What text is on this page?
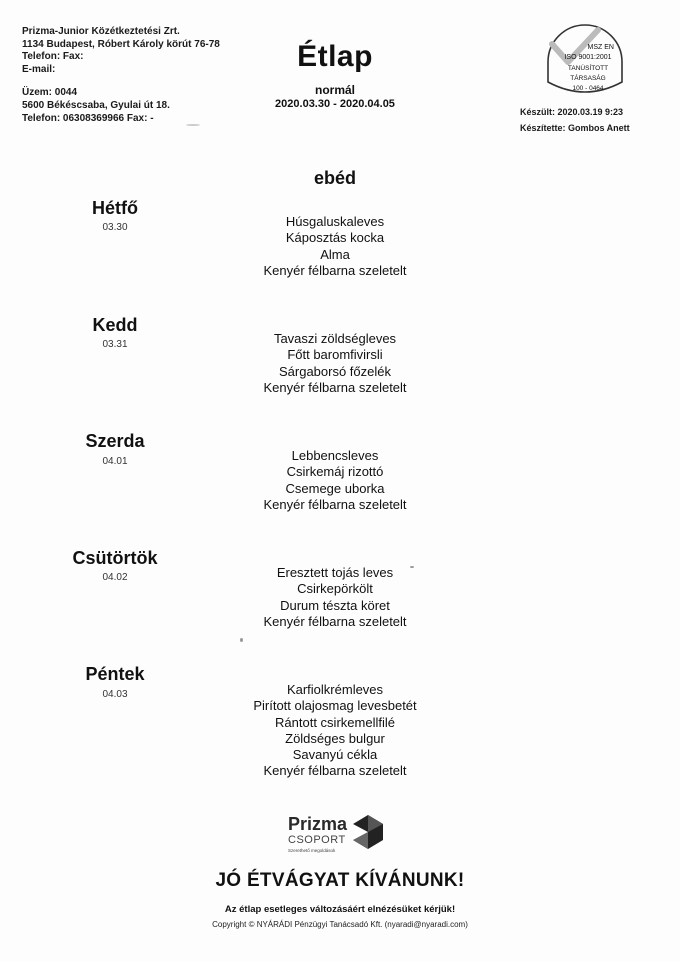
Prizma-Junior Közétkeztetési Zrt.
1134 Budapest, Róbert Károly körút 76-78
Telefon: Fax:
E-mail:
Üzem: 0044
5600 Békéscsaba, Gyulai út 18.
Telefon: 06308369966 Fax: -
Étlap
normál
2020.03.30 - 2020.04.05
MSZ EN
ISO 9001:2001
TANÚSÍTOTT
TÁRSASÁG
100 - 0464
Készült: 2020.03.19 9:23
Készítette: Gombos Anett
ebéd
Hétfő
03.30	Húsgaluskaleves
Káposztás kocka
Alma
Kenyér félbarna szeletelt
Kedd
03.31	Tavaszi zöldségleves
Főtt baromfivirsli
Sárgaborsó főzelék
Kenyér félbarna szeletelt
Szerda
04.01	Lebbencsleves
Csirkemáj rizottó
Csemege uborka
Kenyér félbarna szeletelt
Csütörtök
04.02	Eresztett tojás leves
Csirkepörkölt
Durum tészta köret
Kenyér félbarna szeletelt
Péntek
04.03	Karfiolkrémleves
Pirított olajosmag levesbetét
Rántott csirkemellfilé
Zöldséges bulgur
Savanyú cékla
Kenyér félbarna szeletelt
Prizma
CSOPORT
Szerethető megoldások
JÓ ÉTVÁGYAT KÍVÁNUNK!
Az étlap esetleges változásáért elnézésüket kérjük!
Copyright © NYÁRÁDI Pénzügyi Tanácsadó Kft. (nyaradi@nyaradi.com)
